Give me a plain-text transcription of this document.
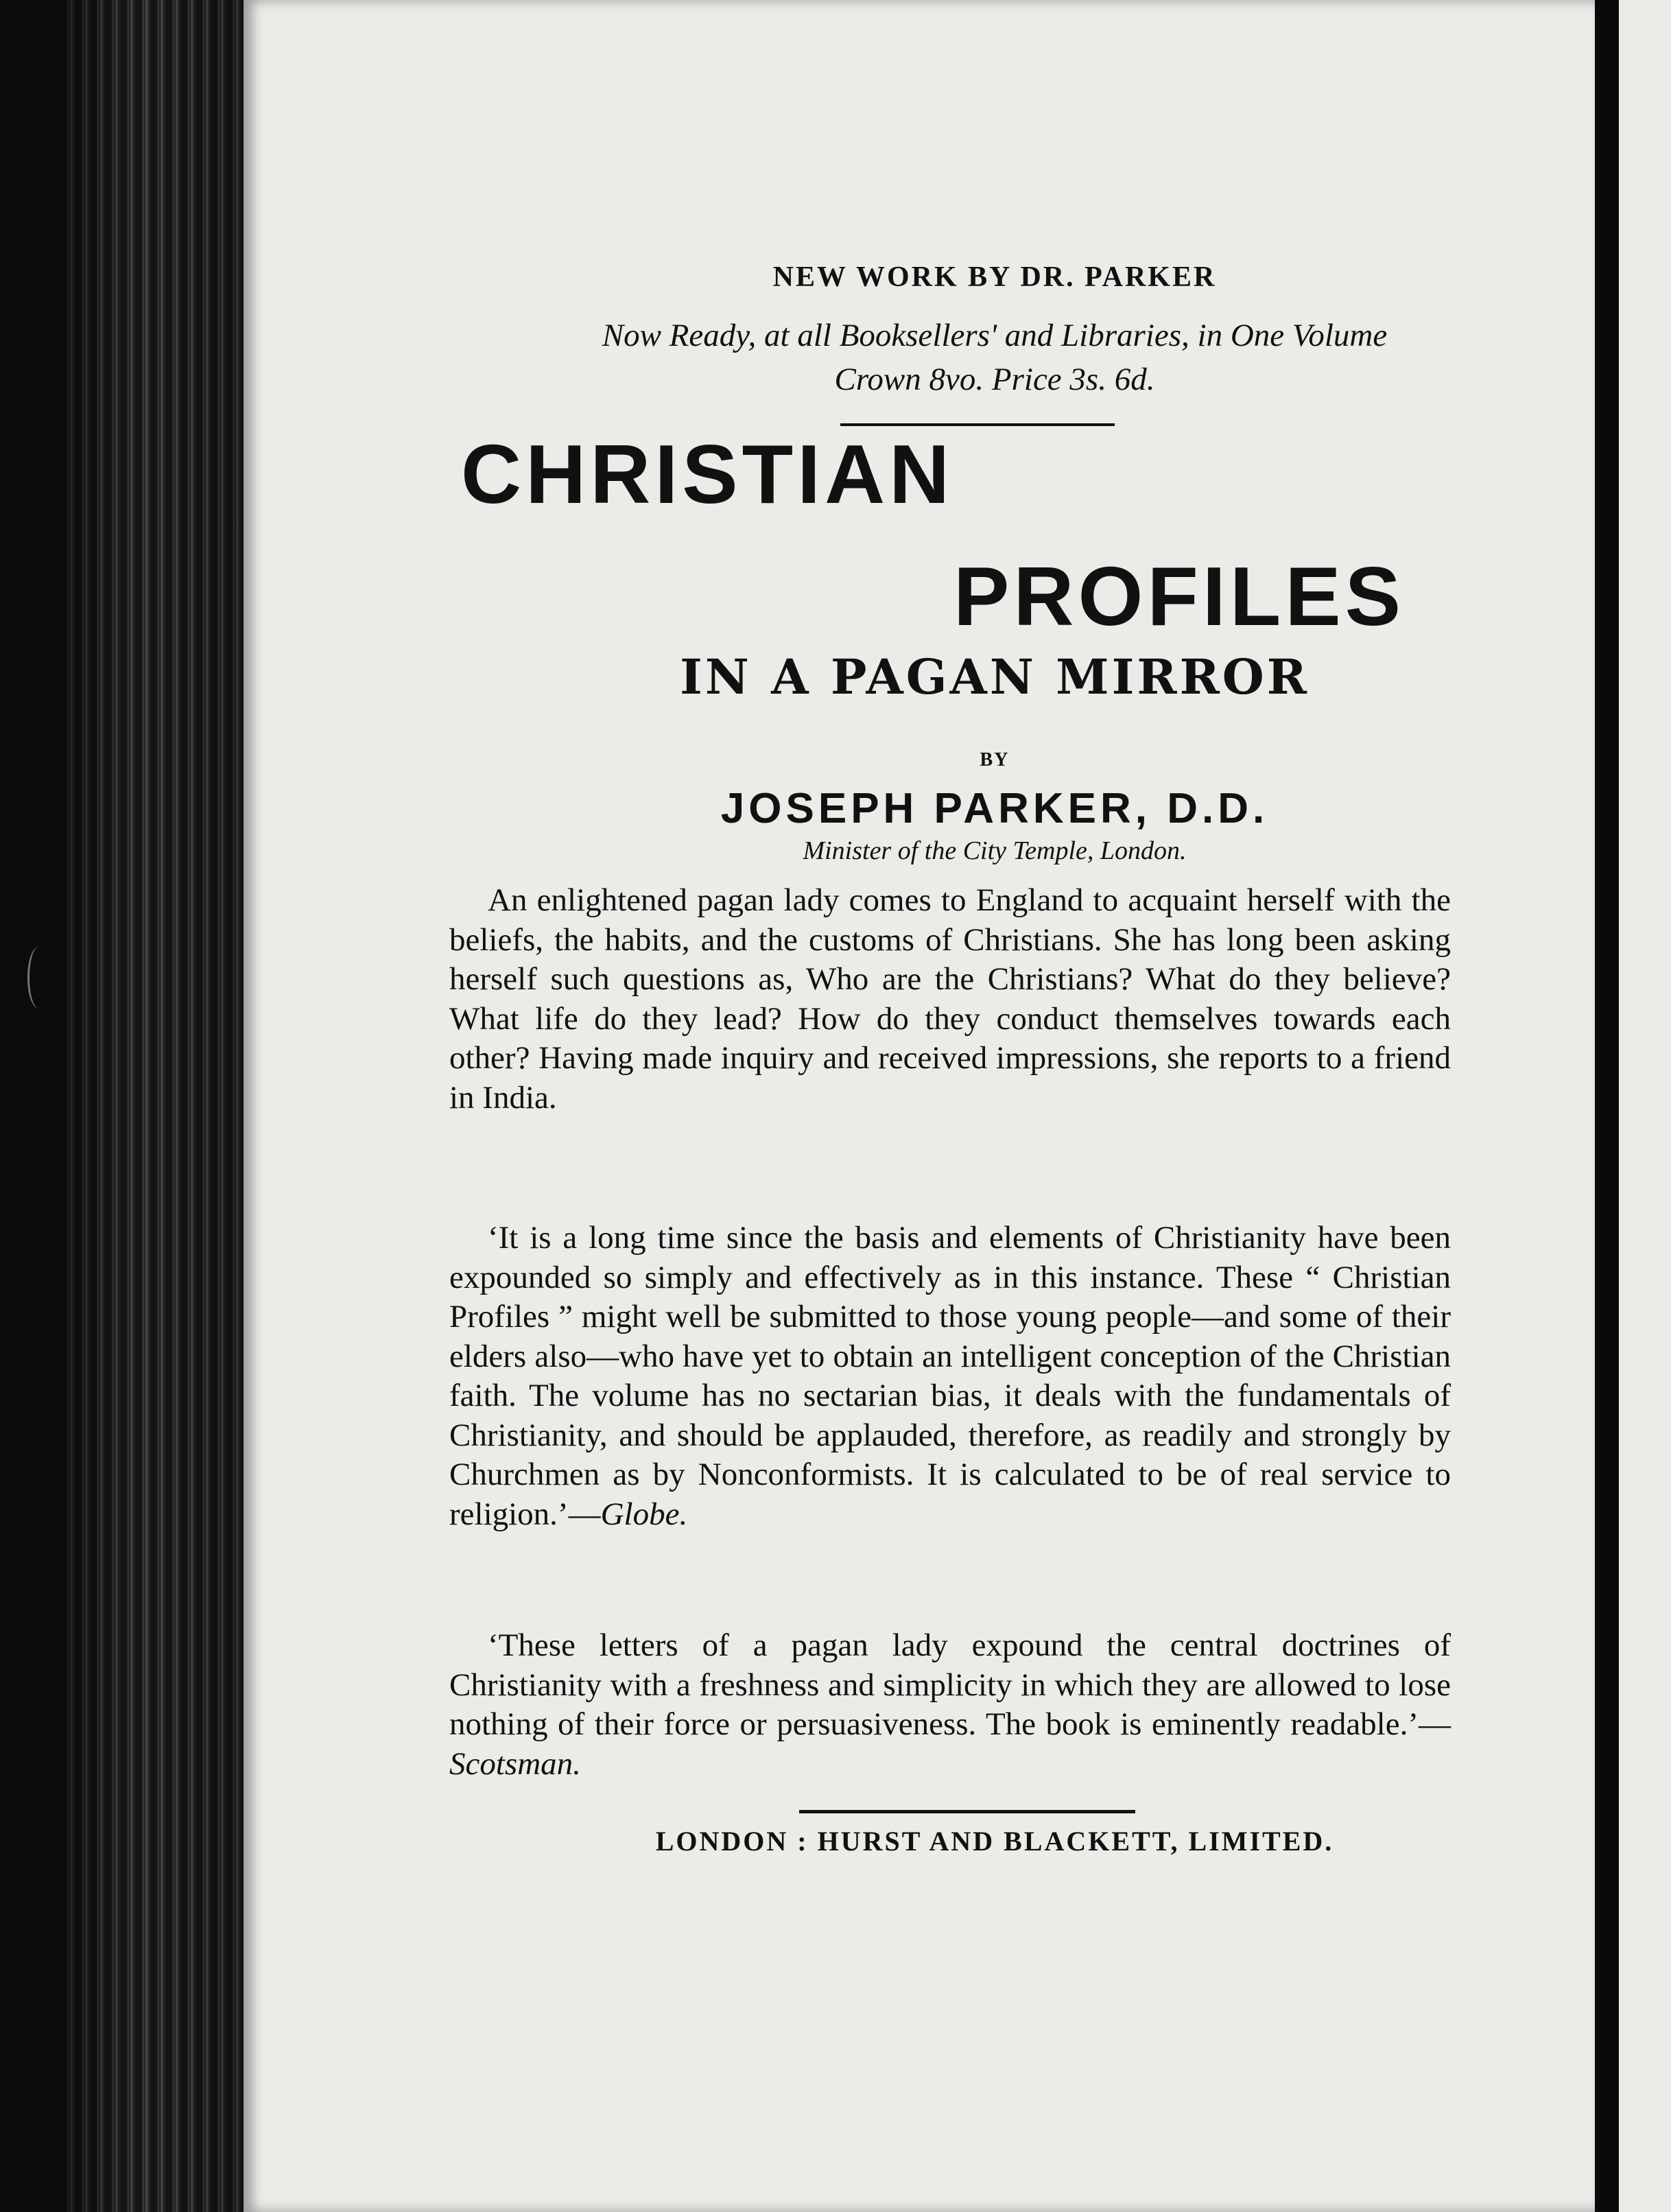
NEW WORK BY DR. PARKER
Now Ready, at all Booksellers' and Libraries, in One Volume
Crown 8vo. Price 3s. 6d.
CHRISTIAN
PROFILES
IN A PAGAN MIRROR
BY
JOSEPH PARKER, D.D.
Minister of the City Temple, London.

An enlightened pagan lady comes to England to acquaint herself with the beliefs, the habits, and the customs of Christians. She has long been asking herself such questions as, Who are the Christians? What do they believe? What life do they lead? How do they conduct themselves towards each other? Having made inquiry and received impressions, she reports to a friend in India.

‘It is a long time since the basis and elements of Christianity have been expounded so simply and effectively as in this instance. These “ Christian Profiles ” might well be submitted to those young people—and some of their elders also—who have yet to obtain an intelligent conception of the Christian faith. The volume has no sectarian bias, it deals with the fundamentals of Christianity, and should be applauded, therefore, as readily and strongly by Churchmen as by Nonconformists. It is calculated to be of real service to religion.’—Globe.

‘These letters of a pagan lady expound the central doctrines of Christianity with a freshness and simplicity in which they are allowed to lose nothing of their force or persuasiveness. The book is eminently readable.’—Scotsman.

LONDON : HURST AND BLACKETT, LIMITED.
